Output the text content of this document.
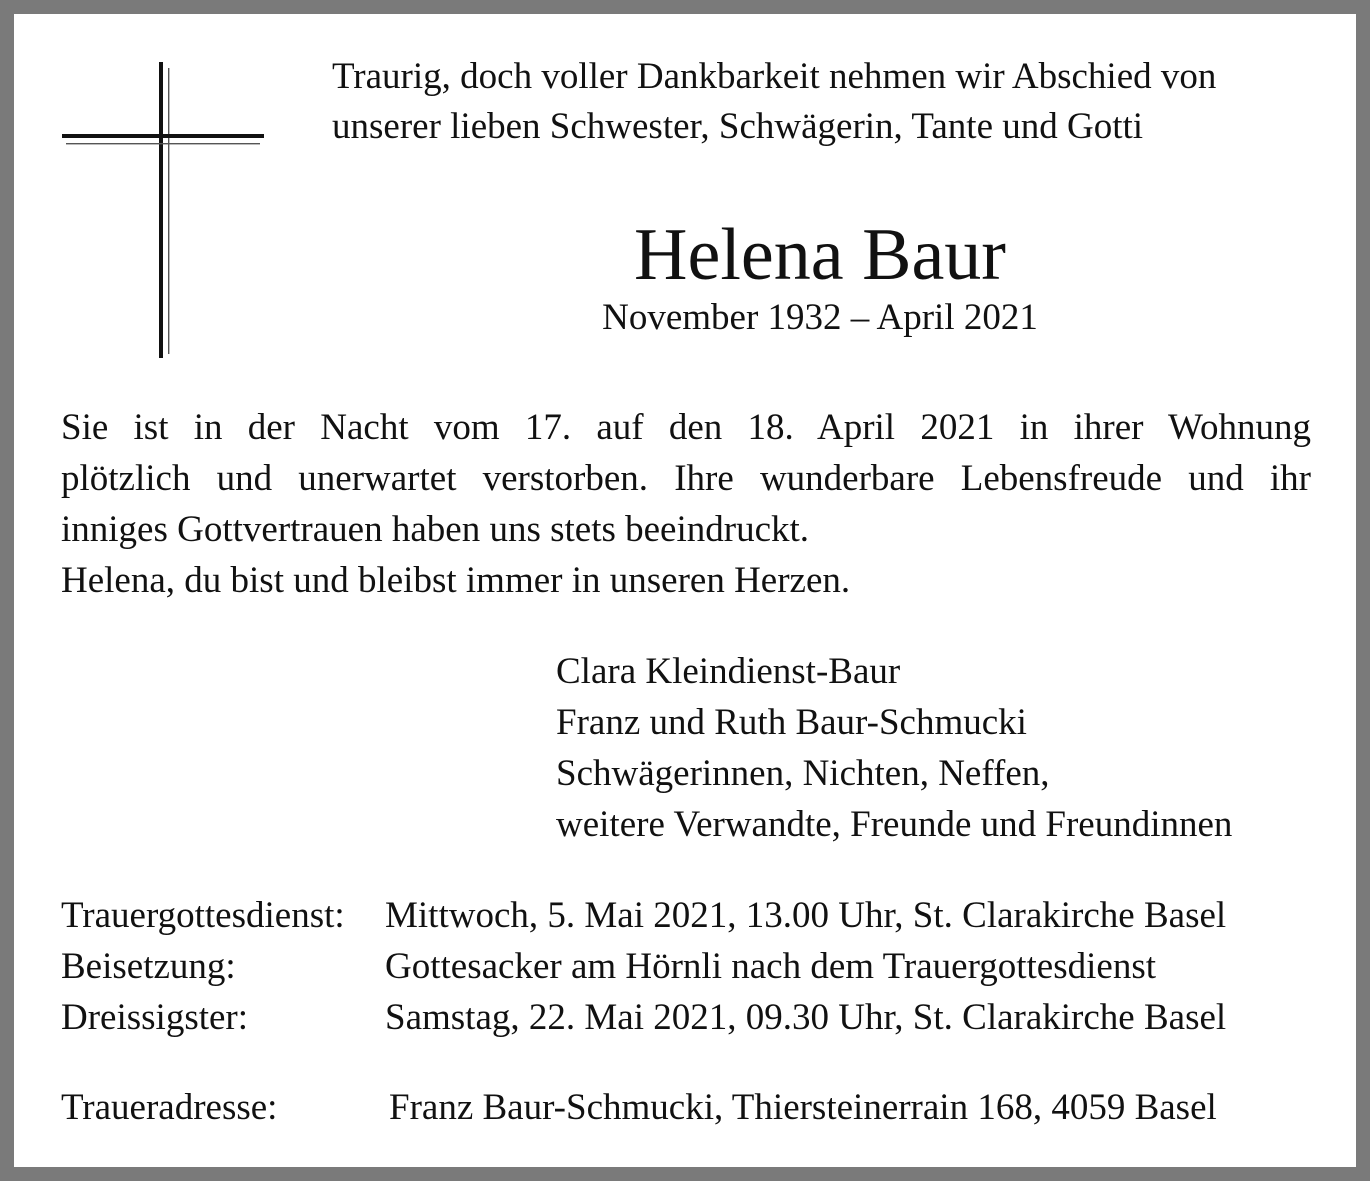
Traurig, doch voller Dankbarkeit nehmen wir Abschied von
unserer lieben Schwester, Schwägerin, Tante und Gotti
Helena Baur
November 1932 – April 2021
Sie ist in der Nacht vom 17. auf den 18. April 2021 in ihrer Wohnung
plötzlich und unerwartet verstorben. Ihre wunderbare Lebensfreude und ihr
inniges Gottvertrauen haben uns stets beeindruckt.
Helena, du bist und bleibst immer in unseren Herzen.
Clara Kleindienst-Baur
Franz und Ruth Baur-Schmucki
Schwägerinnen, Nichten, Neffen,
weitere Verwandte, Freunde und Freundinnen
Trauergottesdienst: Mittwoch, 5. Mai 2021, 13.00 Uhr, St. Clarakirche Basel
Beisetzung:	Gottesacker am Hörnli nach dem Trauergottesdienst
Dreissigster:	Samstag, 22. Mai 2021, 09.30 Uhr, St. Clarakirche Basel
Traueradresse:	Franz Baur-Schmucki, Thiersteinerrain 168, 4059 Basel
